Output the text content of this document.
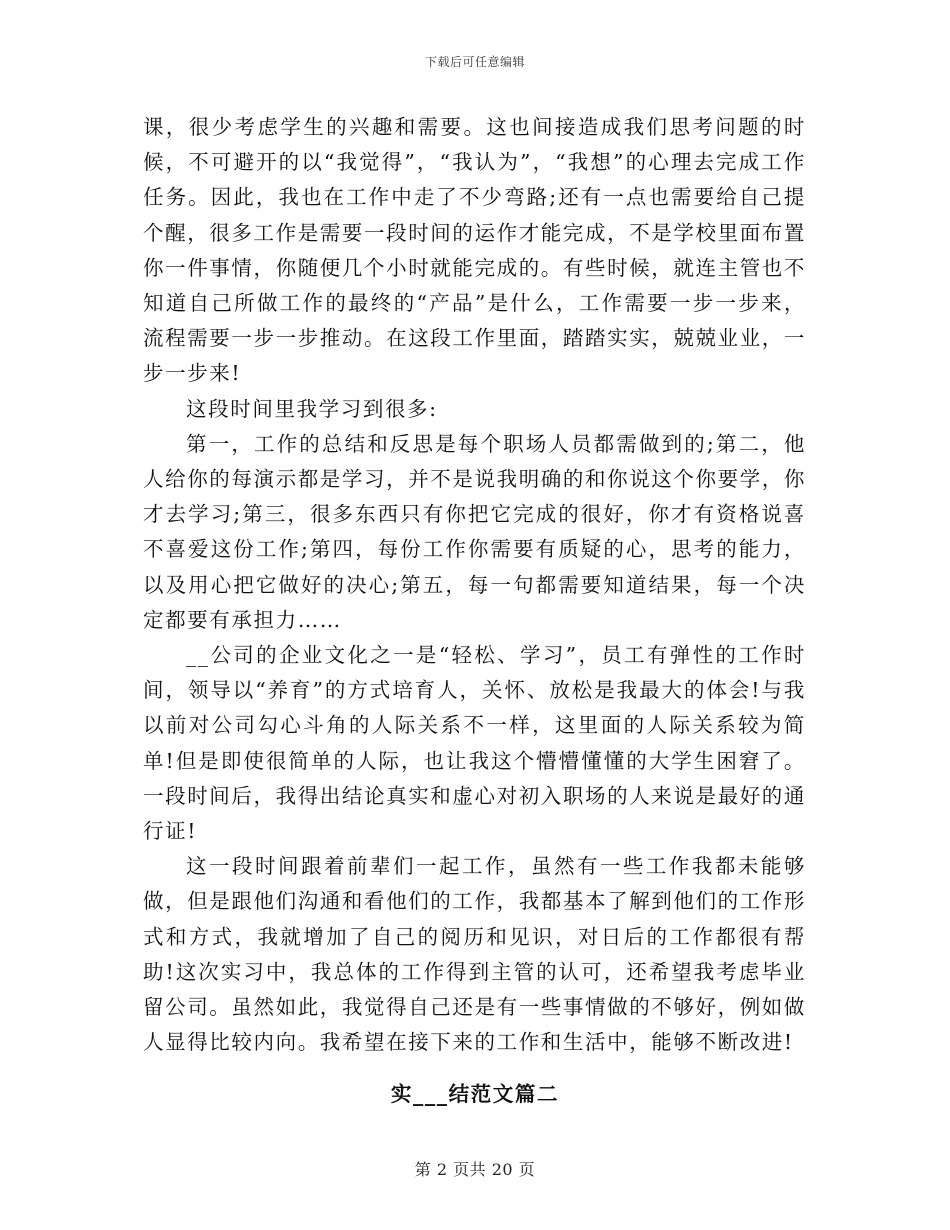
下载后可任意编辑

课，很少考虑学生的兴趣和需要。这也间接造成我们思考问题的时候，不可避开的以“我觉得”，“我认为”，“我想”的心理去完成工作任务。因此，我也在工作中走了不少弯路;还有一点也需要给自己提个醒，很多工作是需要一段时间的运作才能完成，不是学校里面布置你一件事情，你随便几个小时就能完成的。有些时候，就连主管也不知道自己所做工作的最终的“产品”是什么，工作需要一步一步来，流程需要一步一步推动。在这段工作里面，踏踏实实，兢兢业业，一步一步来!

这段时间里我学习到很多:

第一，工作的总结和反思是每个职场人员都需做到的;第二，他人给你的每演示都是学习，并不是说我明确的和你说这个你要学，你才去学习;第三，很多东西只有你把它完成的很好，你才有资格说喜不喜爱这份工作;第四，每份工作你需要有质疑的心，思考的能力，以及用心把它做好的决心;第五，每一句都需要知道结果，每一个决定都要有承担力……

__公司的企业文化之一是“轻松、学习”，员工有弹性的工作时间，领导以“养育”的方式培育人，关怀、放松是我最大的体会!与我以前对公司勾心斗角的人际关系不一样，这里面的人际关系较为简单!但是即使很简单的人际，也让我这个懵懵懂懂的大学生困窘了。一段时间后，我得出结论真实和虚心对初入职场的人来说是最好的通行证!

这一段时间跟着前辈们一起工作，虽然有一些工作我都未能够做，但是跟他们沟通和看他们的工作，我都基本了解到他们的工作形式和方式，我就增加了自己的阅历和见识，对日后的工作都很有帮助!这次实习中，我总体的工作得到主管的认可，还希望我考虑毕业留公司。虽然如此，我觉得自己还是有一些事情做的不够好，例如做人显得比较内向。我希望在接下来的工作和生活中，能够不断改进!

实___结范文篇二
第 2 页共 20 页
